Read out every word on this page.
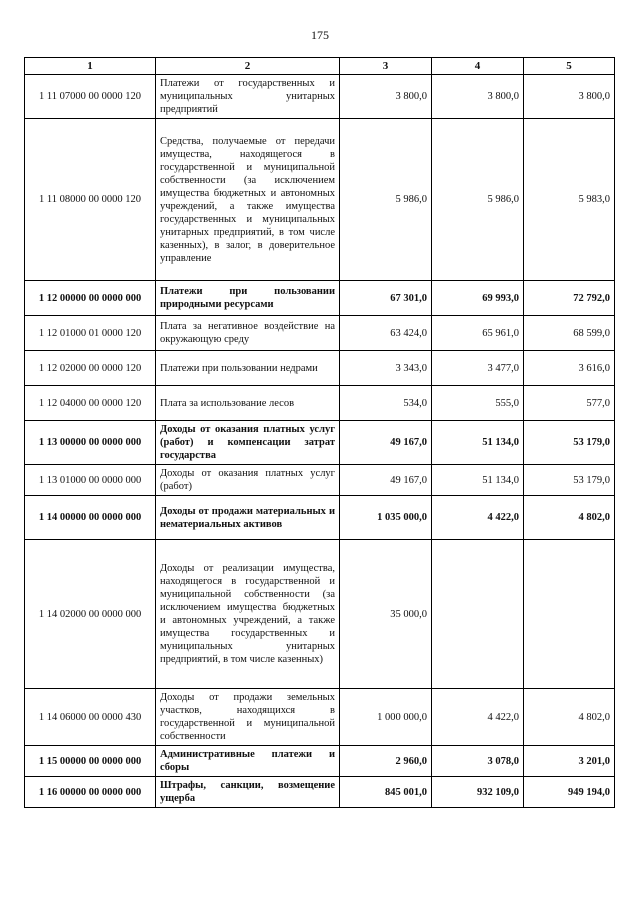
175
1	2	3	4	5
1 11 07000 00 0000 120	Платежи от государственных и муниципальных унитарных предприятий	3 800,0	3 800,0	3 800,0
1 11 08000 00 0000 120	Средства, получаемые от передачи имущества, находящегося в государственной и муниципальной собственности (за исключением имущества бюджетных и автономных учреждений, а также имущества государственных и муниципальных унитарных предприятий, в том числе казенных), в залог, в доверительное управление	5 986,0	5 986,0	5 983,0
1 12 00000 00 0000 000	Платежи при пользовании природными ресурсами	67 301,0	69 993,0	72 792,0
1 12 01000 01 0000 120	Плата за негативное воздействие на окружающую среду	63 424,0	65 961,0	68 599,0
1 12 02000 00 0000 120	Платежи при пользовании недрами	3 343,0	3 477,0	3 616,0
1 12 04000 00 0000 120	Плата за использование лесов	534,0	555,0	577,0
1 13 00000 00 0000 000	Доходы от оказания платных услуг (работ) и компенсации затрат государства	49 167,0	51 134,0	53 179,0
1 13 01000 00 0000 000	Доходы от оказания платных услуг (работ)	49 167,0	51 134,0	53 179,0
1 14 00000 00 0000 000	Доходы от продажи материальных и нематериальных активов	1 035 000,0	4 422,0	4 802,0
1 14 02000 00 0000 000	Доходы от реализации имущества, находящегося в государственной и муниципальной собственности (за исключением имущества бюджетных и автономных учреждений, а также имущества государственных и муниципальных унитарных предприятий, в том числе казенных)	35 000,0		
1 14 06000 00 0000 430	Доходы от продажи земельных участков, находящихся в государственной и муниципальной собственности	1 000 000,0	4 422,0	4 802,0
1 15 00000 00 0000 000	Административные платежи и сборы	2 960,0	3 078,0	3 201,0
1 16 00000 00 0000 000	Штрафы, санкции, возмещение ущерба	845 001,0	932 109,0	949 194,0
